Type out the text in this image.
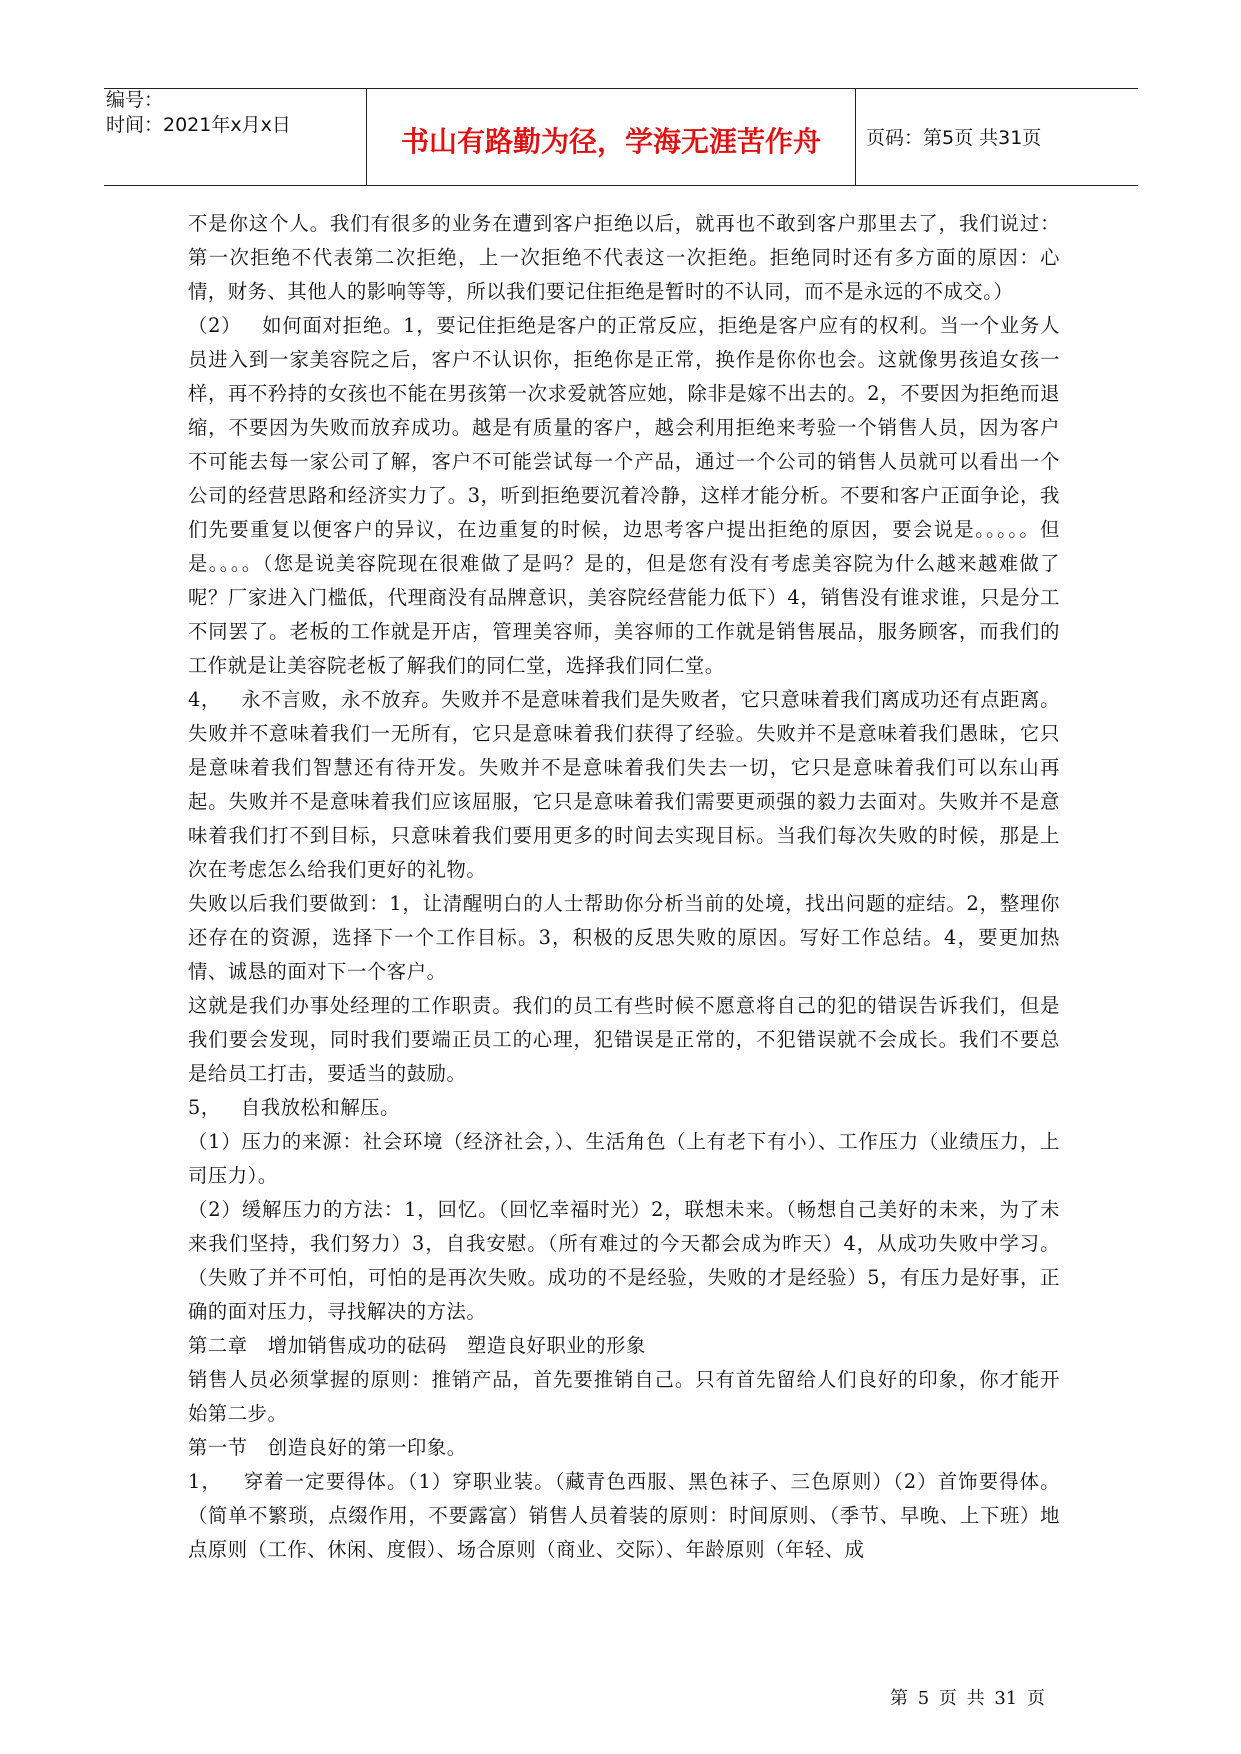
编号：
时间：2021年x月x日	书山有路勤为径，学海无涯苦作舟	页码：第5页 共31页
不是你这个人。我们有很多的业务在遭到客户拒绝以后，就再也不敢到客户那里去了，我们说过：第一次拒绝不代表第二次拒绝，上一次拒绝不代表这一次拒绝。拒绝同时还有多方面的原因：心情，财务、其他人的影响等等，所以我们要记住拒绝是暂时的不认同，而不是永远的不成交。）
（2）   如何面对拒绝。1，要记住拒绝是客户的正常反应，拒绝是客户应有的权利。当一个业务人员进入到一家美容院之后，客户不认识你，拒绝你是正常，换作是你你也会。这就像男孩追女孩一样，再不矜持的女孩也不能在男孩第一次求爱就答应她，除非是嫁不出去的。2，不要因为拒绝而退缩，不要因为失败而放弃成功。越是有质量的客户，越会利用拒绝来考验一个销售人员，因为客户不可能去每一家公司了解，客户不可能尝试每一个产品，通过一个公司的销售人员就可以看出一个公司的经营思路和经济实力了。3，听到拒绝要沉着冷静，这样才能分析。不要和客户正面争论，我们先要重复以便客户的异议，在边重复的时候，边思考客户提出拒绝的原因，要会说是。。。。。但是。。。。（您是说美容院现在很难做了是吗？是的，但是您有没有考虑美容院为什么越来越难做了呢？厂家进入门槛低，代理商没有品牌意识，美容院经营能力低下）4，销售没有谁求谁，只是分工不同罢了。老板的工作就是开店，管理美容师，美容师的工作就是销售展品，服务顾客，而我们的工作就是让美容院老板了解我们的同仁堂，选择我们同仁堂。
4，   永不言败，永不放弃。失败并不是意味着我们是失败者，它只意味着我们离成功还有点距离。失败并不意味着我们一无所有，它只是意味着我们获得了经验。失败并不是意味着我们愚昧，它只是意味着我们智慧还有待开发。失败并不是意味着我们失去一切，它只是意味着我们可以东山再起。失败并不是意味着我们应该屈服，它只是意味着我们需要更顽强的毅力去面对。失败并不是意味着我们打不到目标，只意味着我们要用更多的时间去实现目标。当我们每次失败的时候，那是上次在考虑怎么给我们更好的礼物。
失败以后我们要做到：1，让清醒明白的人士帮助你分析当前的处境，找出问题的症结。2，整理你还存在的资源，选择下一个工作目标。3，积极的反思失败的原因。写好工作总结。4，要更加热情、诚恳的面对下一个客户。
这就是我们办事处经理的工作职责。我们的员工有些时候不愿意将自己的犯的错误告诉我们，但是我们要会发现，同时我们要端正员工的心理，犯错误是正常的，不犯错误就不会成长。我们不要总是给员工打击，要适当的鼓励。
5，   自我放松和解压。
（1）压力的来源：社会环境（经济社会，）、生活角色（上有老下有小）、工作压力（业绩压力，上司压力）。
（2）缓解压力的方法：1，回忆。（回忆幸福时光）2，联想未来。（畅想自己美好的未来，为了未来我们坚持，我们努力）3，自我安慰。（所有难过的今天都会成为昨天）4，从成功失败中学习。（失败了并不可怕，可怕的是再次失败。成功的不是经验，失败的才是经验）5，有压力是好事，正确的面对压力，寻找解决的方法。
第二章   增加销售成功的砝码   塑造良好职业的形象
销售人员必须掌握的原则：推销产品，首先要推销自己。只有首先留给人们良好的印象，你才能开始第二步。
第一节   创造良好的第一印象。
1，   穿着一定要得体。（1）穿职业装。（藏青色西服、黑色袜子、三色原则）（2）首饰要得体。（简单不繁琐，点缀作用，不要露富）销售人员着装的原则：时间原则、（季节、早晚、上下班）地点原则（工作、休闲、度假）、场合原则（商业、交际）、年龄原则（年轻、成
第 5 页 共 31 页
